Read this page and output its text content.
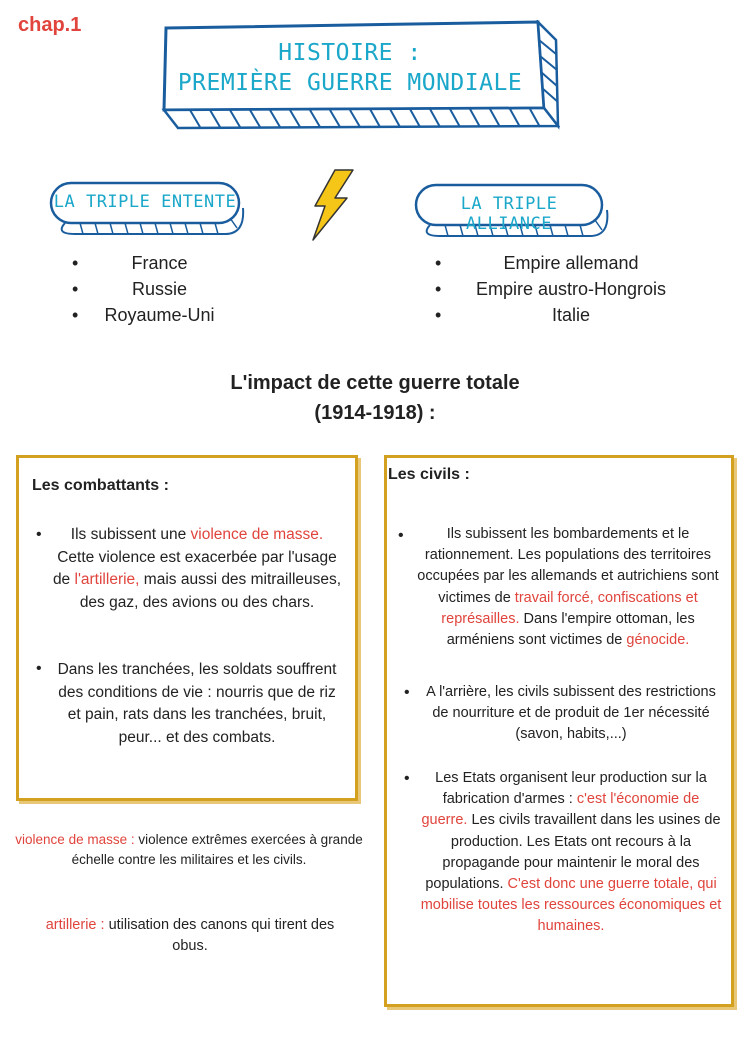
chap.1
HISTOIRE :
PREMIÈRE GUERRE MONDIALE
LA TRIPLE ENTENTE	LA TRIPLE ALLIANCE
• France
• Russie
• Royaume-Uni
• Empire allemand
• Empire austro-Hongrois
• Italie
L'impact de cette guerre totale
(1914-1918) :
Les combattants :
•	Ils subissent une violence de masse. Cette violence est exacerbée par l'usage de l'artillerie, mais aussi des mitrailleuses, des gaz, des avions ou des chars.
•	Dans les tranchées, les soldats souffrent des conditions de vie : nourris que de riz et pain, rats dans les tranchées, bruit, peur... et des combats.
Les civils :
•	Ils subissent les bombardements et le rationnement. Les populations des territoires occupées par les allemands et autrichiens sont victimes de travail forcé, confiscations et représailles. Dans l'empire ottoman, les arméniens sont victimes de génocide.
•	A l'arrière, les civils subissent des restrictions de nourriture et de produit de 1er nécessité (savon, habits,...)
•	Les Etats organisent leur production sur la fabrication d'armes : c'est l'économie de guerre. Les civils travaillent dans les usines de production. Les Etats ont recours à la propagande pour maintenir le moral des populations. C'est donc une guerre totale, qui mobilise toutes les ressources économiques et humaines.
violence de masse : violence extrêmes exercées à grande échelle contre les militaires et les civils.
artillerie : utilisation des canons qui tirent des obus.
